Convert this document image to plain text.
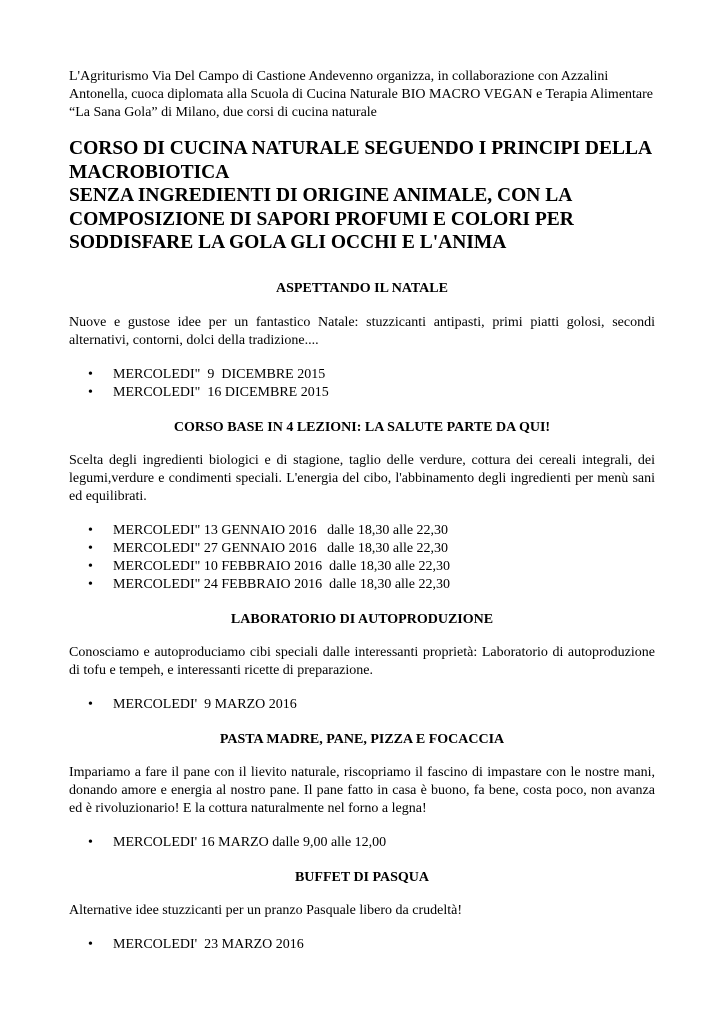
L'Agriturismo Via Del Campo di Castione Andevenno organizza, in collaborazione con Azzalini Antonella, cuoca diplomata alla Scuola di Cucina Naturale BIO MACRO VEGAN e Terapia Alimentare “La Sana Gola” di Milano, due corsi di cucina naturale

CORSO DI CUCINA NATURALE SEGUENDO I PRINCIPI DELLA
MACROBIOTICA
SENZA INGREDIENTI DI ORIGINE ANIMALE, CON LA
COMPOSIZIONE DI SAPORI PROFUMI E COLORI PER
SODDISFARE LA GOLA GLI OCCHI E L'ANIMA
ASPETTANDO IL NATALE

Nuove e gustose idee per un fantastico Natale: stuzzicanti antipasti, primi piatti golosi, secondi alternativi, contorni, dolci della tradizione....

• MERCOLEDI"  9  DICEMBRE 2015
• MERCOLEDI"  16 DICEMBRE 2015
CORSO BASE IN 4 LEZIONI: LA SALUTE PARTE DA QUI!

Scelta degli ingredienti biologici e di stagione, taglio delle verdure, cottura dei cereali integrali, dei legumi,verdure e condimenti speciali. L'energia del cibo, l'abbinamento degli ingredienti per menù sani ed equilibrati.

• MERCOLEDI" 13 GENNAIO 2016   dalle 18,30 alle 22,30
• MERCOLEDI" 27 GENNAIO 2016   dalle 18,30 alle 22,30
• MERCOLEDI" 10 FEBBRAIO 2016  dalle 18,30 alle 22,30
• MERCOLEDI" 24 FEBBRAIO 2016  dalle 18,30 alle 22,30
LABORATORIO DI AUTOPRODUZIONE

Conosciamo e autoproduciamo cibi speciali dalle interessanti proprietà: Laboratorio di autoproduzione di tofu e tempeh, e interessanti ricette di preparazione.

• MERCOLEDI'  9 MARZO 2016
PASTA MADRE, PANE, PIZZA E FOCACCIA

Impariamo a fare il pane con il lievito naturale, riscopriamo il fascino di impastare con le nostre mani, donando amore e energia al nostro pane. Il pane fatto in casa è buono, fa bene, costa poco, non avanza ed è rivoluzionario! E la cottura naturalmente nel forno a legna!

• MERCOLEDI' 16 MARZO dalle 9,00 alle 12,00
BUFFET DI PASQUA

Alternative idee stuzzicanti per un pranzo Pasquale libero da crudeltà!

• MERCOLEDI'  23 MARZO 2016
